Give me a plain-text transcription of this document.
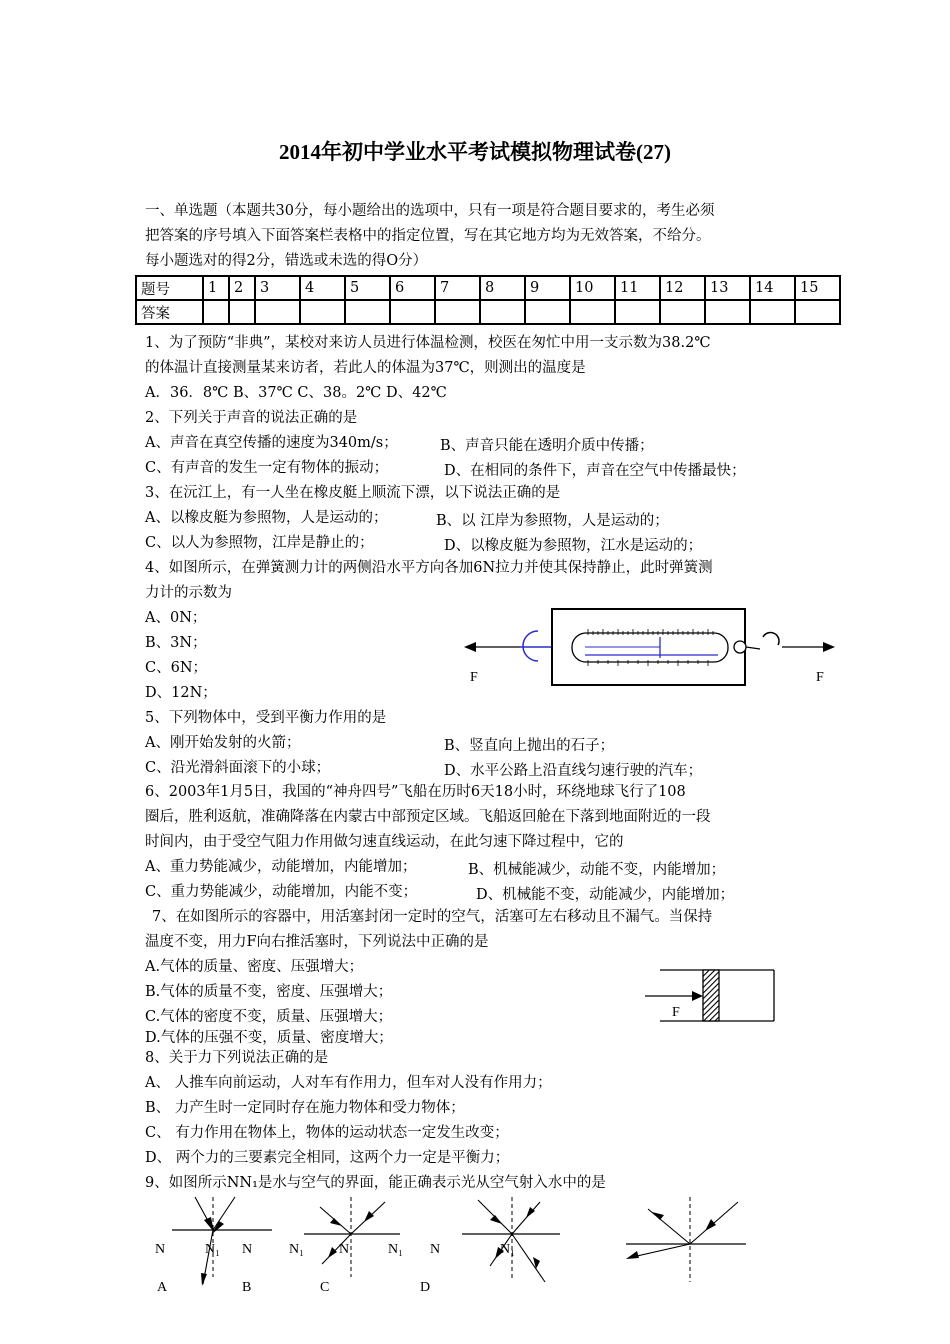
2014年初中学业水平考试模拟物理试卷(27)
一、单选题（本题共30分，每小题给出的选项中，只有一项是符合题目要求的，考生必须
把答案的序号填入下面答案栏表格中的指定位置，写在其它地方均为无效答案，不给分。
每小题选对的得2分，错选或未选的得O分）
题号	1	2	3	4	5	6	7	8	9	10	11	12	13	14	15
答案															
1、为了预防“非典”，某校对来访人员进行体温检测，校医在匆忙中用一支示数为38.2℃
的体温计直接测量某来访者，若此人的体温为37℃，则测出的温度是
A．36．8℃ B、37℃ C、38。2℃ D、42℃
2、下列关于声音的说法正确的是
A、声音在真空传播的速度为340m/s；	B、声音只能在透明介质中传播；
C、有声音的发生一定有物体的振动；	D、在相同的条件下，声音在空气中传播最快；
3、在沅江上，有一人坐在橡皮艇上顺流下漂，以下说法正确的是
A、以橡皮艇为参照物，人是运动的；	B、以 江岸为参照物，人是运动的；
C、以人为参照物，江岸是静止的；	D、以橡皮艇为参照物，江水是运动的；
4、如图所示，在弹簧测力计的两侧沿水平方向各加6N拉力并使其保持静止，此时弹簧测
力计的示数为
A、0N；
B、3N；
C、6N；
D、12N；
F	F
5、下列物体中，受到平衡力作用的是
A、刚开始发射的火箭；	B、竖直向上抛出的石子；
C、沿光滑斜面滚下的小球；	D、水平公路上沿直线匀速行驶的汽车；
6、2003年1月5日，我国的“神舟四号”飞船在历时6天18小时，环绕地球飞行了108
圈后，胜利返航，准确降落在内蒙古中部预定区域。飞船返回舱在下落到地面附近的一段
时间内，由于受空气阻力作用做匀速直线运动，在此匀速下降过程中，它的
A、重力势能减少，动能增加，内能增加；	B、机械能减少，动能不变，内能增加；
C、重力势能减少，动能增加，内能不变；	D、机械能不变，动能减少，内能增加；
7、在如图所示的容器中，用活塞封闭一定时的空气，活塞可左右移动且不漏气。当保持
温度不变，用力F向右推活塞时，下列说法中正确的是
A.气体的质量、密度、压强增大；
B.气体的质量不变，密度、压强增大；
C.气体的密度不变，质量、压强增大；
D.气体的压强不变，质量、密度增大；
F
8、关于力下列说法正确的是
A、 人推车向前运动，人对车有作用力，但车对人没有作用力；
B、 力产生时一定同时存在施力物体和受力物体；
C、 有力作用在物体上，物体的运动状态一定发生改变；
D、 两个力的三要素完全相同，这两个力一定是平衡力；
9、如图所示NN₁是水与空气的界面，能正确表示光从空气射入水中的是
N	N₁ N	N₁	N	N₁ N	N₁
A	B	C	D
